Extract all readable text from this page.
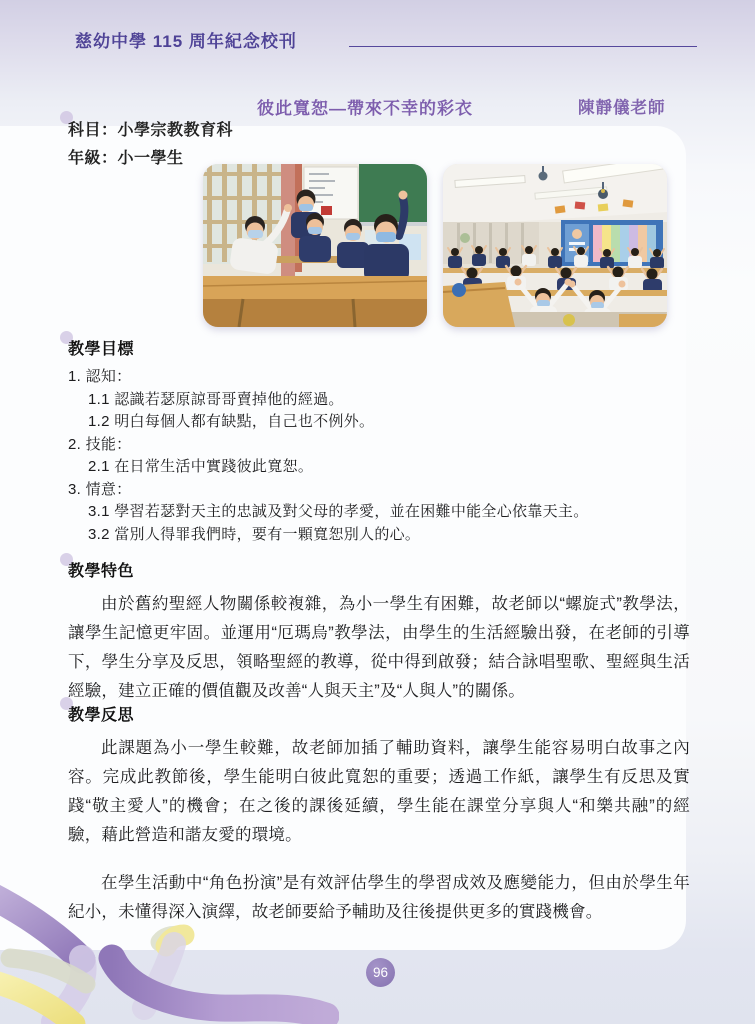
慈幼中學 115 周年紀念校刊
彼此寬恕—帶來不幸的彩衣	陳靜儀老師
科目：小學宗教教育科
年級：小一學生
教學目標
1. 認知：
1.1 認識若瑟原諒哥哥賣掉他的經過。
1.2 明白每個人都有缺點，自己也不例外。
2. 技能：
2.1 在日常生活中實踐彼此寬恕。
3. 情意：
3.1 學習若瑟對天主的忠誠及對父母的孝愛，並在困難中能全心依靠天主。
3.2 當別人得罪我們時，要有一顆寬恕別人的心。
教學特色

由於舊約聖經人物關係較複雜，為小一學生有困難，故老師以“螺旋式”教學法，讓學生記憶更牢固。並運用“厄瑪烏”教學法，由學生的生活經驗出發，在老師的引導下，學生分享及反思，領略聖經的教導，從中得到啟發；結合詠唱聖歌、聖經與生活經驗，建立正確的價值觀及改善“人與天主”及“人與人”的關係。

教學反思

此課題為小一學生較難，故老師加插了輔助資料，讓學生能容易明白故事之內容。完成此教節後，學生能明白彼此寬恕的重要；透過工作紙，讓學生有反思及實踐“敬主愛人”的機會；在之後的課後延續，學生能在課堂分享與人“和樂共融”的經驗，藉此營造和諧友愛的環境。

在學生活動中“角色扮演”是有效評估學生的學習成效及應變能力，但由於學生年紀小，未懂得深入演繹，故老師要給予輔助及往後提供更多的實踐機會。

96
